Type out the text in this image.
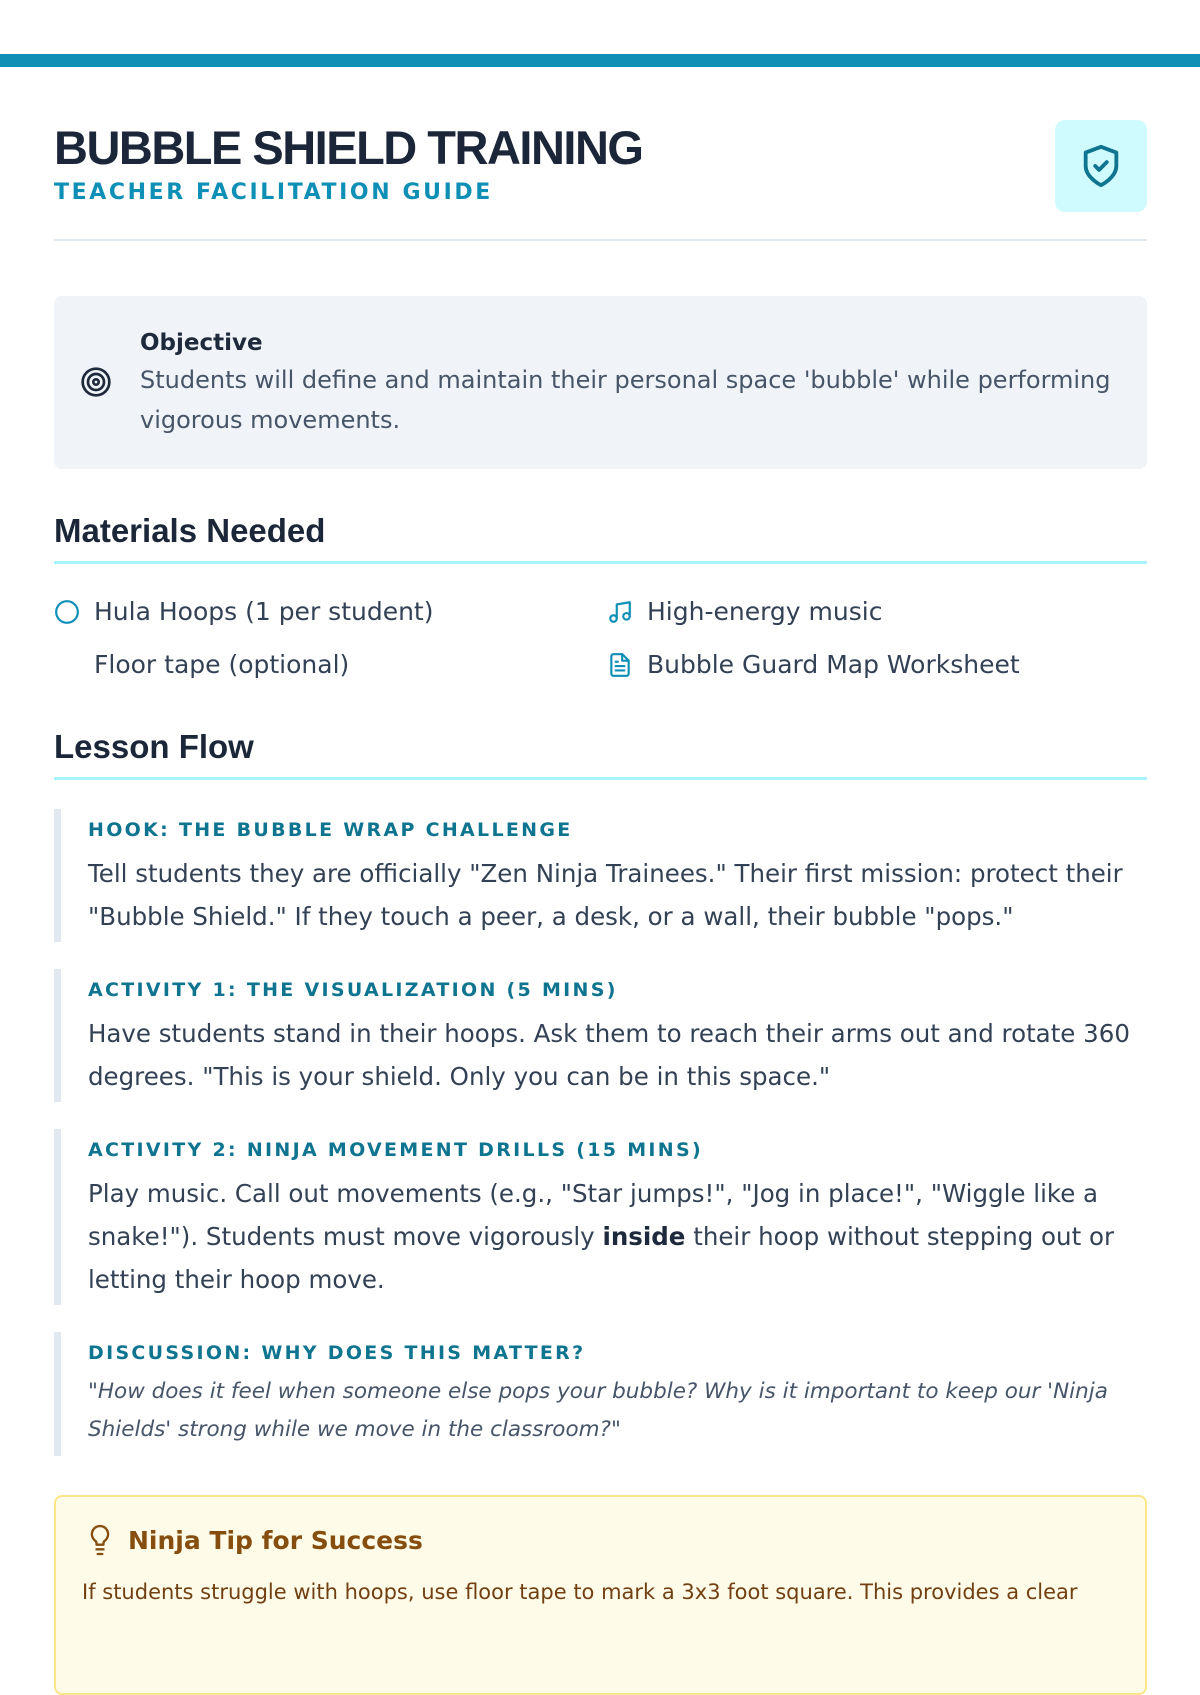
BUBBLE SHIELD TRAINING
TEACHER FACILITATION GUIDE
Objective
Students will define and maintain their personal space 'bubble' while performing vigorous movements.
Materials Needed
Hula Hoops (1 per student)	High-energy music
Floor tape (optional)	Bubble Guard Map Worksheet
Lesson Flow
HOOK: THE BUBBLE WRAP CHALLENGE
Tell students they are officially "Zen Ninja Trainees." Their first mission: protect their "Bubble Shield." If they touch a peer, a desk, or a wall, their bubble "pops."
ACTIVITY 1: THE VISUALIZATION (5 MINS)
Have students stand in their hoops. Ask them to reach their arms out and rotate 360 degrees. "This is your shield. Only you can be in this space."
ACTIVITY 2: NINJA MOVEMENT DRILLS (15 MINS)
Play music. Call out movements (e.g., "Star jumps!", "Jog in place!", "Wiggle like a snake!"). Students must move vigorously inside their hoop without stepping out or letting their hoop move.
DISCUSSION: WHY DOES THIS MATTER?
"How does it feel when someone else pops your bubble? Why is it important to keep our 'Ninja Shields' strong while we move in the classroom?"
Ninja Tip for Success
If students struggle with hoops, use floor tape to mark a 3x3 foot square. This provides a clear
